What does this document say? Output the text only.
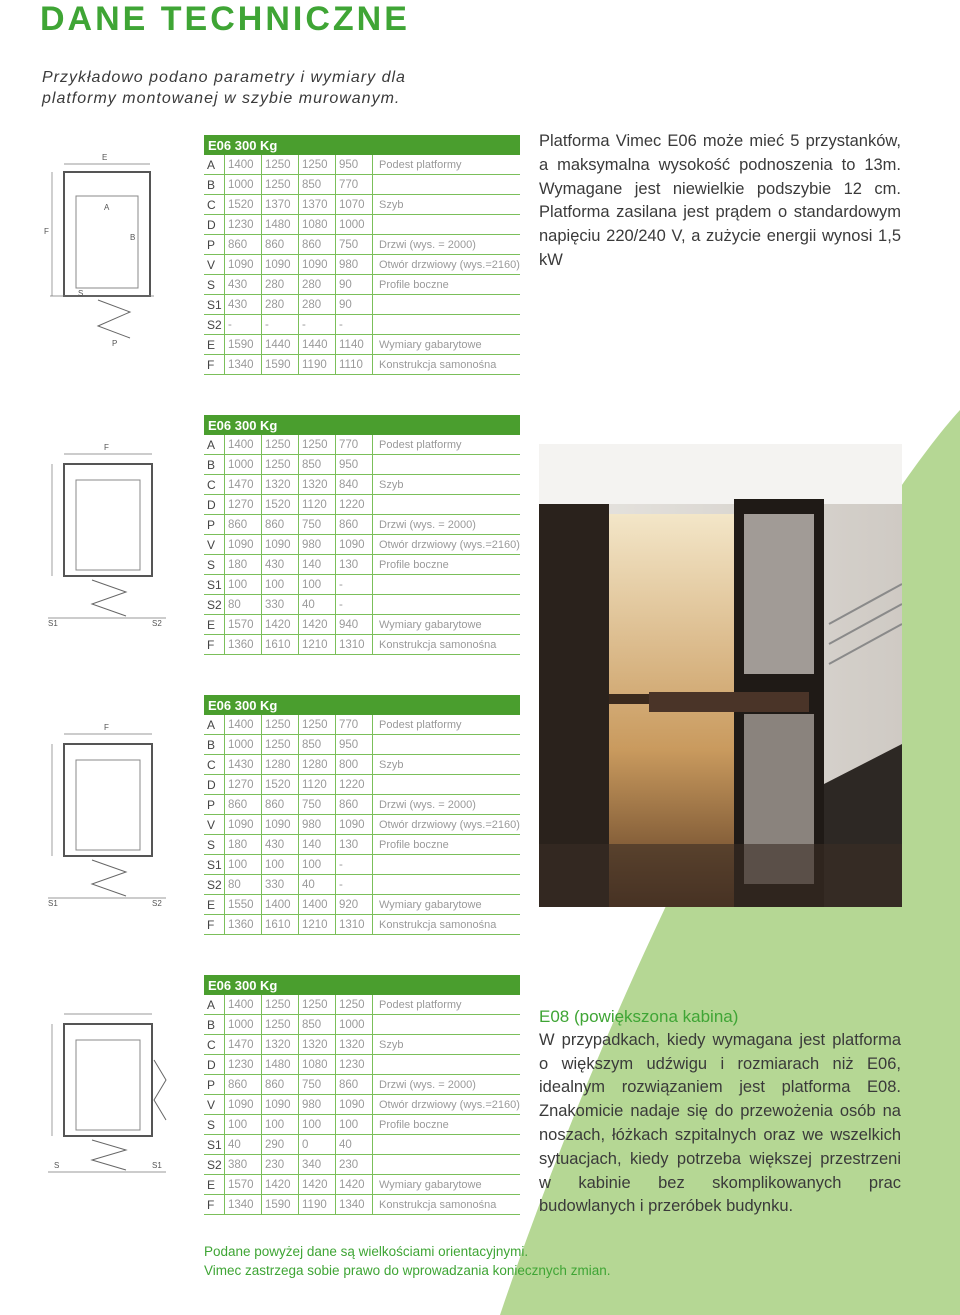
DANE TECHNICZNE

Przykładowo podano parametry i wymiary dla platformy montowanej w szybie murowanym.

E
F
A
B
P
S
S1	S2
F
S1	S2
F
S	S1
E06 300 Kg					
A	1400	1250	1250	950	Podest platformy
B	1000	1250	850	770	
C	1520	1370	1370	1070	Szyb
D	1230	1480	1080	1000	
P	860	860	860	750	Drzwi (wys. = 2000)
V	1090	1090	1090	980	Otwór drzwiowy (wys.=2160)
S	430	280	280	90	Profile boczne
S1	430	280	280	90	
S2	-	-	-	-	
E	1590	1440	1440	1140	Wymiary gabarytowe
F	1340	1590	1190	1110	Konstrukcja samonośna
E06 300 Kg					
A	1400	1250	1250	770	Podest platformy
B	1000	1250	850	950	
C	1470	1320	1320	840	Szyb
D	1270	1520	1120	1220	
P	860	860	750	860	Drzwi (wys. = 2000)
V	1090	1090	980	1090	Otwór drzwiowy (wys.=2160)
S	180	430	140	130	Profile boczne
S1	100	100	100	-	
S2	80	330	40	-	
E	1570	1420	1420	940	Wymiary gabarytowe
F	1360	1610	1210	1310	Konstrukcja samonośna
E06 300 Kg					
A	1400	1250	1250	770	Podest platformy
B	1000	1250	850	950	
C	1430	1280	1280	800	Szyb
D	1270	1520	1120	1220	
P	860	860	750	860	Drzwi (wys. = 2000)
V	1090	1090	980	1090	Otwór drzwiowy (wys.=2160)
S	180	430	140	130	Profile boczne
S1	100	100	100	-	
S2	80	330	40	-	
E	1550	1400	1400	920	Wymiary gabarytowe
F	1360	1610	1210	1310	Konstrukcja samonośna
E06 300 Kg					
A	1400	1250	1250	1250	Podest platformy
B	1000	1250	850	1000	
C	1470	1320	1320	1320	Szyb
D	1230	1480	1080	1230	
P	860	860	750	860	Drzwi (wys. = 2000)
V	1090	1090	980	1090	Otwór drzwiowy (wys.=2160)
S	100	100	100	100	Profile boczne
S1	40	290	0	40	
S2	380	230	340	230	
E	1570	1420	1420	1420	Wymiary gabarytowe
F	1340	1590	1190	1340	Konstrukcja samonośna

Platforma Vimec E06 może mieć 5 przystanków, a maksymalna wysokość podnoszenia to 13m. Wymagane jest niewielkie podszybie 12 cm. Platforma zasilana jest prądem o standardowym napięciu 220/240 V, a zużycie energii wynosi 1,5 kW

E08 (powiększona kabina)
W przypadkach, kiedy wymagana jest platforma o większym udźwigu i rozmiarach niż E06, idealnym rozwiązaniem jest platforma E08. Znakomicie nadaje się do przewożenia osób na noszach, łóżkach szpitalnych oraz we wszelkich sytuacjach, kiedy potrzeba większej przestrzeni w kabinie bez skomplikowanych prac budowlanych i przeróbek budynku.

Podane powyżej dane są wielkościami orientacyjnymi.
Vimec zastrzega sobie prawo do wprowadzania koniecznych zmian.
